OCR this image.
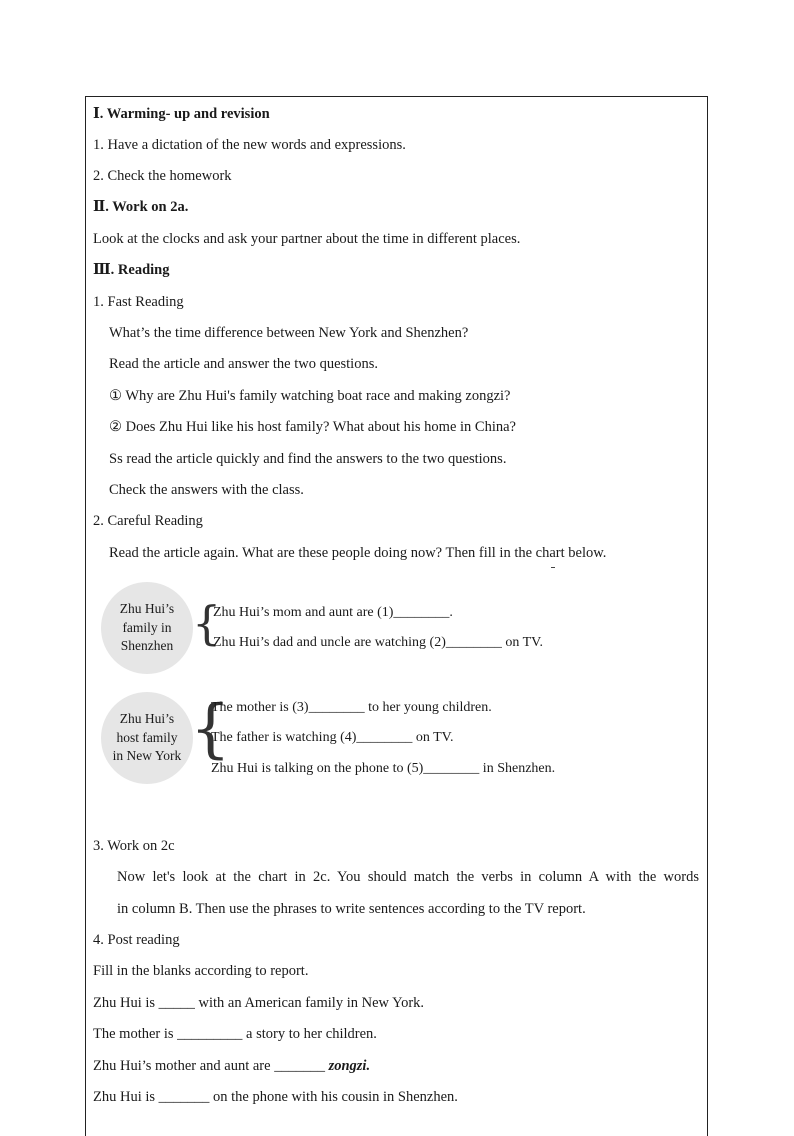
Ⅰ. Warming- up and revision
1. Have a dictation of the new words and expressions.
2. Check the homework
Ⅱ. Work on 2a.
Look at the clocks and ask your partner about the time in different places.
Ⅲ. Reading
1. Fast Reading
What’s the time difference between New York and Shenzhen?
Read the article and answer the two questions.
① Why are Zhu Hui's family watching boat race and making zongzi?
② Does Zhu Hui like his host family? What about his home in China?
Ss read the article quickly and find the answers to the two questions.
Check the answers with the class.
2. Careful Reading
Read the article again. What are these people doing now? Then fill in the chart below.
Zhu Hui’s
family in
Shenzhen {
Zhu Hui’s mom and aunt are (1)________.
Zhu Hui’s dad and uncle are watching (2)________ on TV.
Zhu Hui’s
host family
in New York {
The mother is (3)________ to her young children.
The father is watching (4)________ on TV.
Zhu Hui is talking on the phone to (5)________ in Shenzhen.
3. Work on 2c
Now let's look at the chart in 2c. You should match the verbs in column A with the words
in column B. Then use the phrases to write sentences according to the TV report.
4. Post reading
Fill in the blanks according to report.
Zhu Hui is _____ with an American family in New York.
The mother is _________ a story to her children.
Zhu Hui’s mother and aunt are _______ zongzi.
Zhu Hui is _______ on the phone with his cousin in Shenzhen.
